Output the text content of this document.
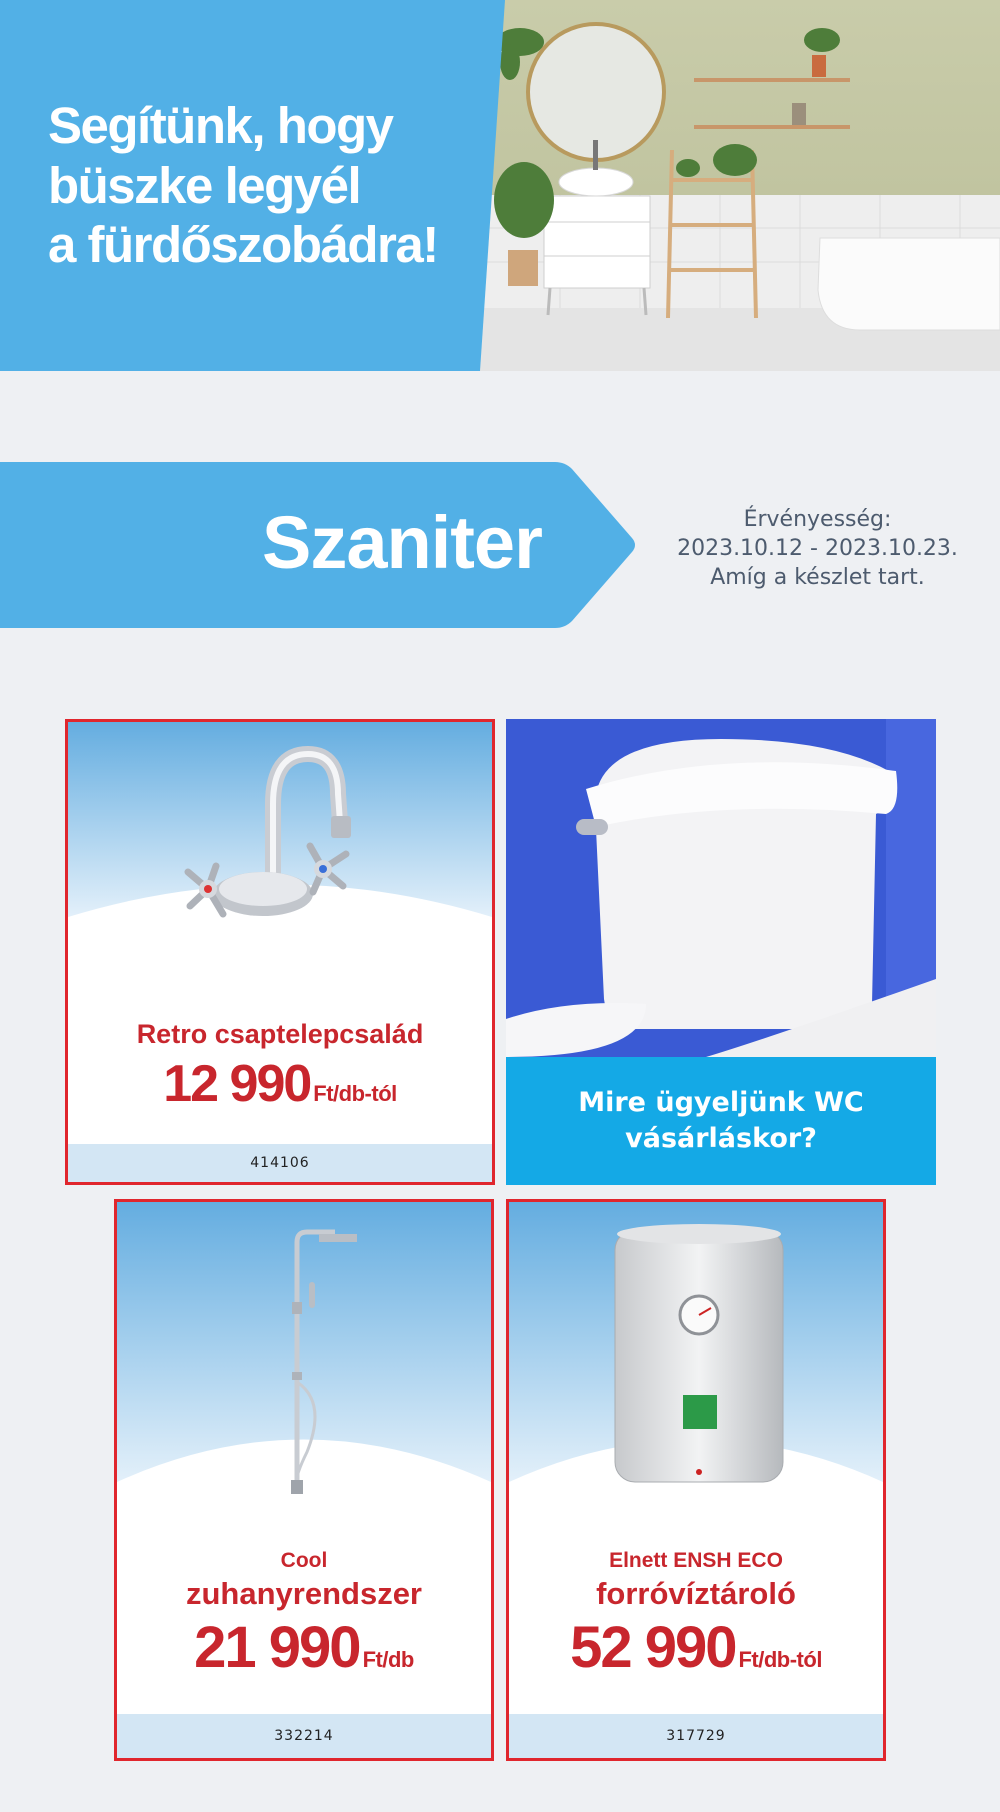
Segítünk, hogy
büszke legyél
a fürdőszobádra!
Szaniter	Érvényesség:
2023.10.12 - 2023.10.23.
Amíg a készlet tart.
Retro csaptelepcsalád
12 990 Ft/db-tól
414106
Mire ügyeljünk WC
vásárláskor?
Cool
zuhanyrendszer
21 990 Ft/db
332214
Elnett ENSH ECO
forróvíztároló
52 990 Ft/db-tól
317729
